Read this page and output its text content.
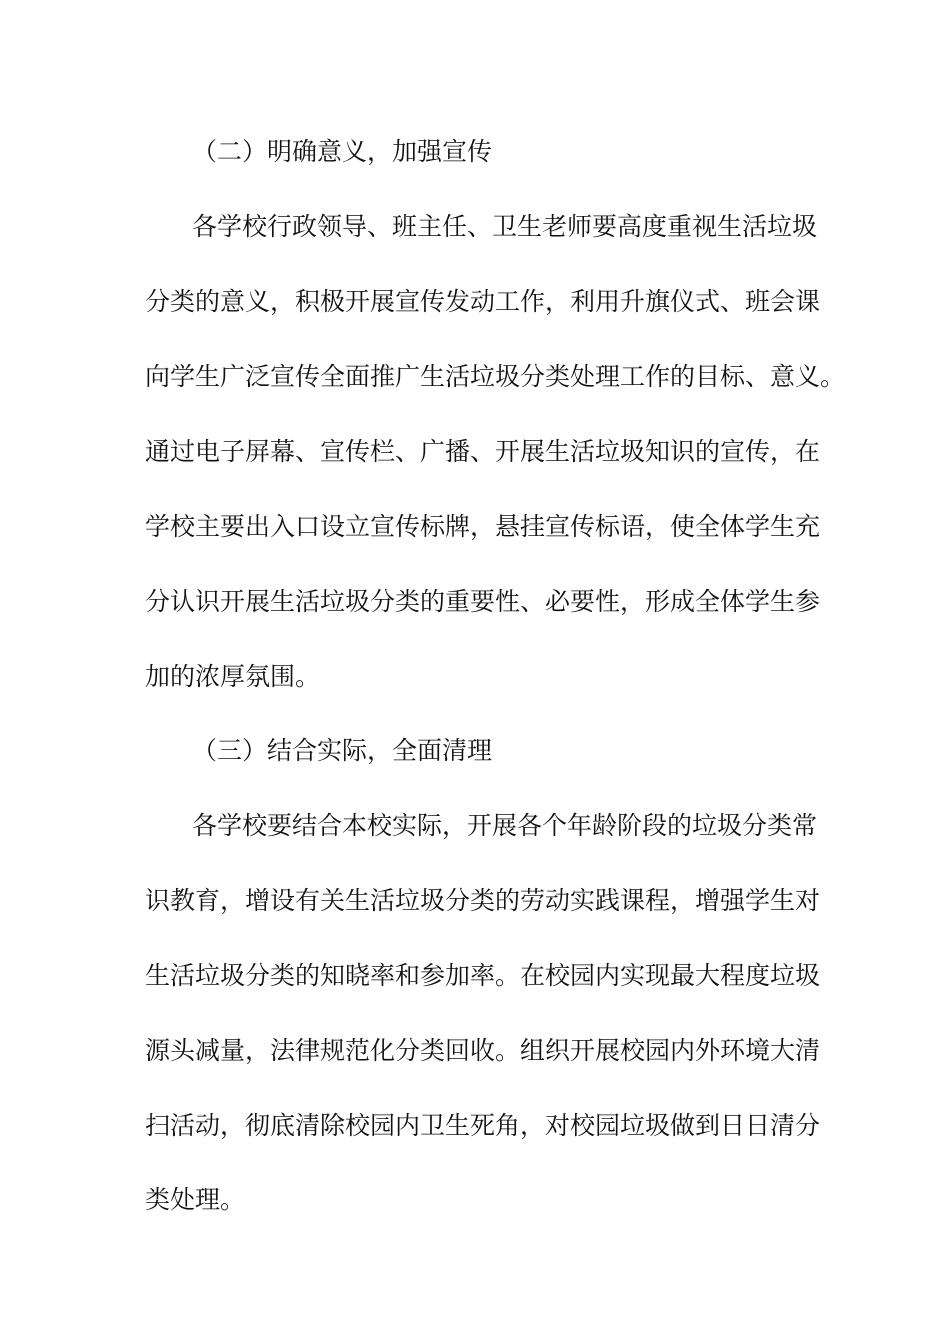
（二）明确意义，加强宣传
各学校行政领导、班主任、卫生老师要高度重视生活垃圾
分类的意义，积极开展宣传发动工作，利用升旗仪式、班会课
向学生广泛宣传全面推广生活垃圾分类处理工作的目标、意义。
通过电子屏幕、宣传栏、广播、开展生活垃圾知识的宣传，在
学校主要出入口设立宣传标牌，悬挂宣传标语，使全体学生充
分认识开展生活垃圾分类的重要性、必要性，形成全体学生参
加的浓厚氛围。
（三）结合实际，全面清理
各学校要结合本校实际，开展各个年龄阶段的垃圾分类常
识教育，增设有关生活垃圾分类的劳动实践课程，增强学生对
生活垃圾分类的知晓率和参加率。在校园内实现最大程度垃圾
源头减量，法律规范化分类回收。组织开展校园内外环境大清
扫活动，彻底清除校园内卫生死角，对校园垃圾做到日日清分
类处理。
